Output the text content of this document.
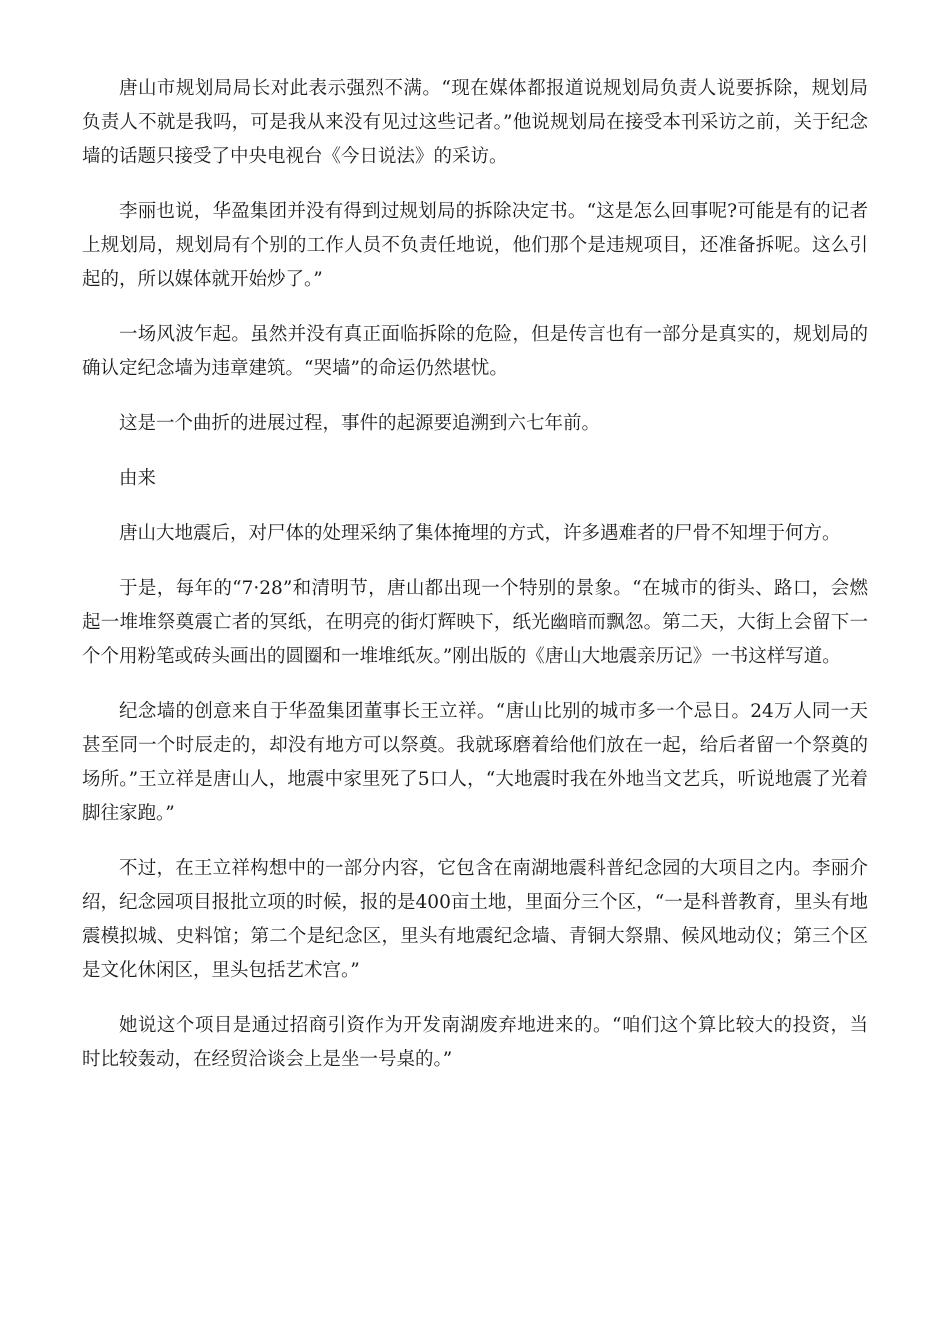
唐山市规划局局长对此表示强烈不满。“现在媒体都报道说规划局负责人说要拆除，规划局负责人不就是我吗，可是我从来没有见过这些记者。”他说规划局在接受本刊采访之前，关于纪念墙的话题只接受了中央电视台《今日说法》的采访。

李丽也说，华盈集团并没有得到过规划局的拆除决定书。“这是怎么回事呢?可能是有的记者上规划局，规划局有个别的工作人员不负责任地说，他们那个是违规项目，还准备拆呢。这么引起的，所以媒体就开始炒了。”

一场风波乍起。虽然并没有真正面临拆除的危险，但是传言也有一部分是真实的，规划局的确认定纪念墙为违章建筑。“哭墙”的命运仍然堪忧。

这是一个曲折的进展过程，事件的起源要追溯到六七年前。

由来

唐山大地震后，对尸体的处理采纳了集体掩埋的方式，许多遇难者的尸骨不知埋于何方。

于是，每年的“7·28”和清明节，唐山都出现一个特别的景象。“在城市的街头、路口，会燃起一堆堆祭奠震亡者的冥纸，在明亮的街灯辉映下，纸光幽暗而飘忽。第二天，大街上会留下一个个用粉笔或砖头画出的圆圈和一堆堆纸灰。”刚出版的《唐山大地震亲历记》一书这样写道。

纪念墙的创意来自于华盈集团董事长王立祥。“唐山比别的城市多一个忌日。24万人同一天甚至同一个时辰走的，却没有地方可以祭奠。我就琢磨着给他们放在一起，给后者留一个祭奠的场所。”王立祥是唐山人，地震中家里死了5口人，“大地震时我在外地当文艺兵，听说地震了光着脚往家跑。”

不过，在王立祥构想中的一部分内容，它包含在南湖地震科普纪念园的大项目之内。李丽介绍，纪念园项目报批立项的时候，报的是400亩土地，里面分三个区，“一是科普教育，里头有地震模拟城、史料馆；第二个是纪念区，里头有地震纪念墙、青铜大祭鼎、候风地动仪；第三个区是文化休闲区，里头包括艺术宫。”

她说这个项目是通过招商引资作为开发南湖废弃地进来的。“咱们这个算比较大的投资，当时比较轰动，在经贸洽谈会上是坐一号桌的。”
